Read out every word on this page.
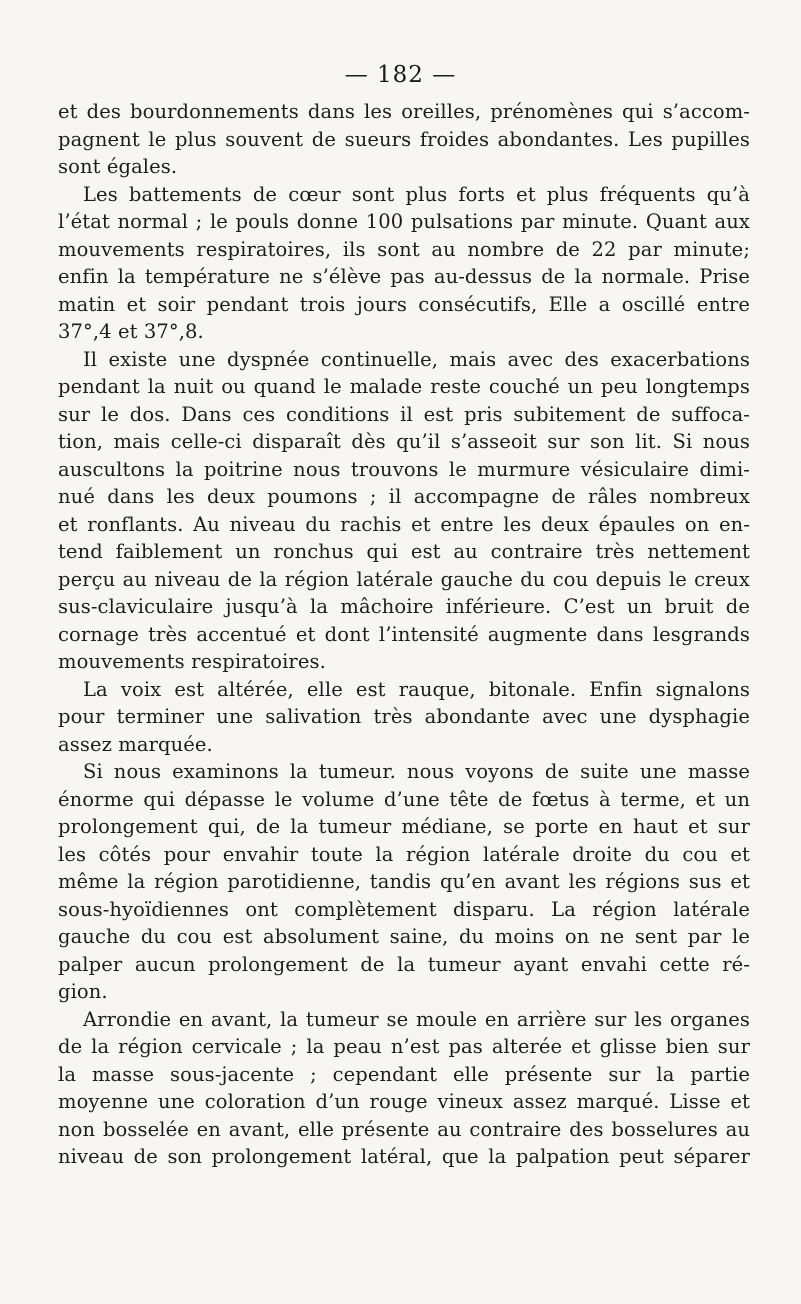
— 182 —
et des bourdonnements dans les oreilles, prénomènes qui s’accom-
pagnent le plus souvent de sueurs froides abondantes. Les pupilles
sont égales.
Les battements de cœur sont plus forts et plus fréquents qu’à
l’état normal ; le pouls donne 100 pulsations par minute. Quant aux
mouvements respiratoires, ils sont au nombre de 22 par minute;
enfin la température ne s’élève pas au-dessus de la normale. Prise
matin et soir pendant trois jours consécutifs, Elle a oscillé entre
37°,4 et 37°,8.
Il existe une dyspnée continuelle, mais avec des exacerbations
pendant la nuit ou quand le malade reste couché un peu longtemps
sur le dos. Dans ces conditions il est pris subitement de suffoca-
tion, mais celle-ci disparaît dès qu’il s’asseoit sur son lit. Si nous
auscultons la poitrine nous trouvons le murmure vésiculaire dimi-
nué dans les deux poumons ; il accompagne de râles nombreux
et ronflants. Au niveau du rachis et entre les deux épaules on en-
tend faiblement un ronchus qui est au contraire très nettement
perçu au niveau de la région latérale gauche du cou depuis le creux
sus-claviculaire jusqu’à la mâchoire inférieure. C’est un bruit de
cornage très accentué et dont l’intensité augmente dans lesgrands
mouvements respiratoires.
La voix est altérée, elle est rauque, bitonale. Enfin signalons
pour terminer une salivation très abondante avec une dysphagie
assez marquée.
Si nous examinons la tumeur. nous voyons de suite une masse
énorme qui dépasse le volume d’une tête de fœtus à terme, et un
prolongement qui, de la tumeur médiane, se porte en haut et sur
les côtés pour envahir toute la région latérale droite du cou et
même la région parotidienne, tandis qu’en avant les régions sus et
sous-hyoïdiennes ont complètement disparu. La région latérale
gauche du cou est absolument saine, du moins on ne sent par le
palper aucun prolongement de la tumeur ayant envahi cette ré-
gion.
Arrondie en avant, la tumeur se moule en arrière sur les organes
de la région cervicale ; la peau n’est pas alterée et glisse bien sur
la masse sous-jacente ; cependant elle présente sur la partie
moyenne une coloration d’un rouge vineux assez marqué. Lisse et
non bosselée en avant, elle présente au contraire des bosselures au
niveau de son prolongement latéral, que la palpation peut séparer
